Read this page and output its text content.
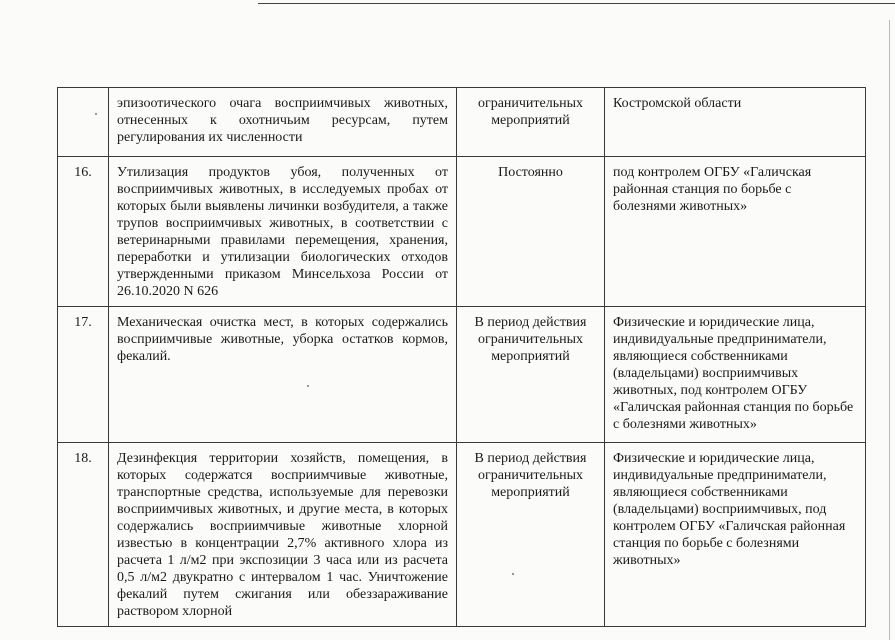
	эпизоотического очага восприимчивых животных, отнесенных к охотничьим ресурсам, путем регулирования их численности	ограничительных мероприятий	Костромской области
16.	Утилизация продуктов убоя, полученных от восприимчивых животных, в исследуемых пробах от которых были выявлены личинки возбудителя, а также трупов восприимчивых животных, в соответствии с ветеринарными правилами перемещения, хранения, переработки и утилизации биологических отходов утвержденными приказом Минсельхоза России от 26.10.2020 N 626	Постоянно	под контролем ОГБУ «Галичская районная станция по борьбе с болезнями животных»
17.	Механическая очистка мест, в которых содержались восприимчивые животные, уборка остатков кормов, фекалий.	В период действия ограничительных мероприятий	Физические и юридические лица, индивидуальные предприниматели, являющиеся собственниками (владельцами) восприимчивых животных, под контролем ОГБУ «Галичская районная станция по борьбе с болезнями животных»
18.	Дезинфекция территории хозяйств, помещения, в которых содержатся восприимчивые животные, транспортные средства, используемые для перевозки восприимчивых животных, и другие места, в которых содержались восприимчивые животные хлорной известью в концентрации 2,7% активного хлора из расчета 1 л/м2 при экспозиции 3 часа или из расчета 0,5 л/м2 двукратно с интервалом 1 час. Уничтожение фекалий путем сжигания или обеззараживание раствором хлорной	В период действия ограничительных мероприятий	Физические и юридические лица, индивидуальные предприниматели, являющиеся собственниками (владельцами) восприимчивых, под контролем ОГБУ «Галичская районная станция по борьбе с болезнями животных»
